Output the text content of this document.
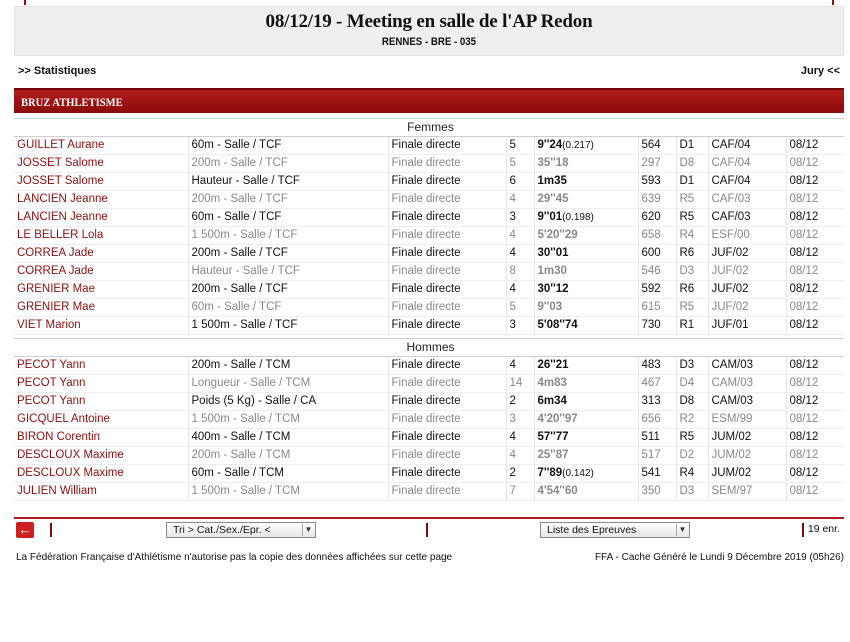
08/12/19 - Meeting en salle de l'AP Redon
RENNES - BRE - 035
>> Statistiques	Jury <<
BRUZ ATHLETISME
Femmes								
GUILLET Aurane	60m - Salle / TCF	Finale directe	5	9''24(0.217)	564	D1	CAF/04	08/12
JOSSET Salome	200m - Salle / TCF	Finale directe	5	35''18	297	D8	CAF/04	08/12
JOSSET Salome	Hauteur - Salle / TCF	Finale directe	6	1m35	593	D1	CAF/04	08/12
LANCIEN Jeanne	200m - Salle / TCF	Finale directe	4	29''45	639	R5	CAF/03	08/12
LANCIEN Jeanne	60m - Salle / TCF	Finale directe	3	9''01(0.198)	620	R5	CAF/03	08/12
LE BELLER Lola	1 500m - Salle / TCF	Finale directe	4	5'20''29	658	R4	ESF/00	08/12
CORREA Jade	200m - Salle / TCF	Finale directe	4	30''01	600	R6	JUF/02	08/12
CORREA Jade	Hauteur - Salle / TCF	Finale directe	8	1m30	546	D3	JUF/02	08/12
GRENIER Mae	200m - Salle / TCF	Finale directe	4	30''12	592	R6	JUF/02	08/12
GRENIER Mae	60m - Salle / TCF	Finale directe	5	9''03	615	R5	JUF/02	08/12
VIET Marion	1 500m - Salle / TCF	Finale directe	3	5'08''74	730	R1	JUF/01	08/12

Hommes								
PECOT Yann	200m - Salle / TCM	Finale directe	4	26''21	483	D3	CAM/03	08/12
PECOT Yann	Longueur - Salle / TCM	Finale directe	14	4m83	467	D4	CAM/03	08/12
PECOT Yann	Poids (5 Kg) - Salle / CA	Finale directe	2	6m34	313	D8	CAM/03	08/12
GICQUEL Antoine	1 500m - Salle / TCM	Finale directe	3	4'20''97	656	R2	ESM/99	08/12
BIRON Corentin	400m - Salle / TCM	Finale directe	4	57''77	511	R5	JUM/02	08/12
DESCLOUX Maxime	200m - Salle / TCM	Finale directe	4	25''87	517	D2	JUM/02	08/12
DESCLOUX Maxime	60m - Salle / TCM	Finale directe	2	7''89(0.142)	541	R4	JUM/02	08/12
JULIEN William	1 500m - Salle / TCM	Finale directe	7	4'54''60	350	D3	SEM/97	08/12
←	Tri > Cat./Sex./Epr. <	▼	Liste des Epreuves	▼	19 enr.
La Fédération Française d'Athlétisme n'autorise pas la copie des données affichées sur cette page	FFA - Cache Généré le Lundi 9 Décembre 2019 (05h26)
